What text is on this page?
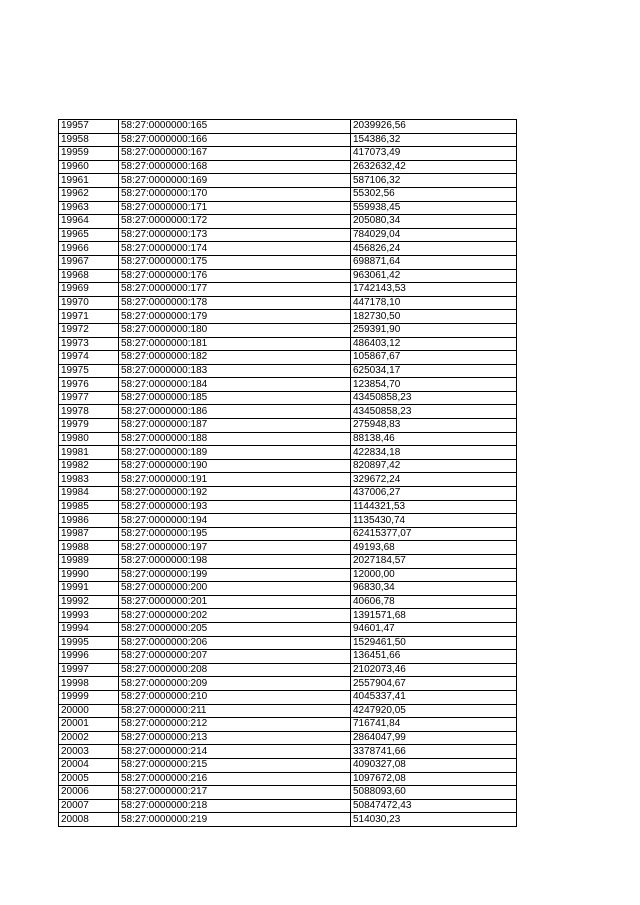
19957	58:27:0000000:165	2039926,56
19958	58:27:0000000:166	154386,32
19959	58:27:0000000:167	417073,49
19960	58:27:0000000:168	2632632,42
19961	58:27:0000000:169	587106,32
19962	58:27:0000000:170	55302,56
19963	58:27:0000000:171	559938,45
19964	58:27:0000000:172	205080,34
19965	58:27:0000000:173	784029,04
19966	58:27:0000000:174	456826,24
19967	58:27:0000000:175	698871,64
19968	58:27:0000000:176	963061,42
19969	58:27:0000000:177	1742143,53
19970	58:27:0000000:178	447178,10
19971	58:27:0000000:179	182730,50
19972	58:27:0000000:180	259391,90
19973	58:27:0000000:181	486403,12
19974	58:27:0000000:182	105867,67
19975	58:27:0000000:183	625034,17
19976	58:27:0000000:184	123854,70
19977	58:27:0000000:185	43450858,23
19978	58:27:0000000:186	43450858,23
19979	58:27:0000000:187	275948,83
19980	58:27:0000000:188	88138,46
19981	58:27:0000000:189	422834,18
19982	58:27:0000000:190	820897,42
19983	58:27:0000000:191	329672,24
19984	58:27:0000000:192	437006,27
19985	58:27:0000000:193	1144321,53
19986	58:27:0000000:194	1135430,74
19987	58:27:0000000:195	62415377,07
19988	58:27:0000000:197	49193,68
19989	58:27:0000000:198	2027184,57
19990	58:27:0000000:199	12000,00
19991	58:27:0000000:200	96830,34
19992	58:27:0000000:201	40606,78
19993	58:27:0000000:202	1391571,68
19994	58:27:0000000:205	94601,47
19995	58:27:0000000:206	1529461,50
19996	58:27:0000000:207	136451,66
19997	58:27:0000000:208	2102073,46
19998	58:27:0000000:209	2557904,67
19999	58:27:0000000:210	4045337,41
20000	58:27:0000000:211	4247920,05
20001	58:27:0000000:212	716741,84
20002	58:27:0000000:213	2864047,99
20003	58:27:0000000:214	3378741,66
20004	58:27:0000000:215	4090327,08
20005	58:27:0000000:216	1097672,08
20006	58:27:0000000:217	5088093,60
20007	58:27:0000000:218	50847472,43
20008	58:27:0000000:219	514030,23
